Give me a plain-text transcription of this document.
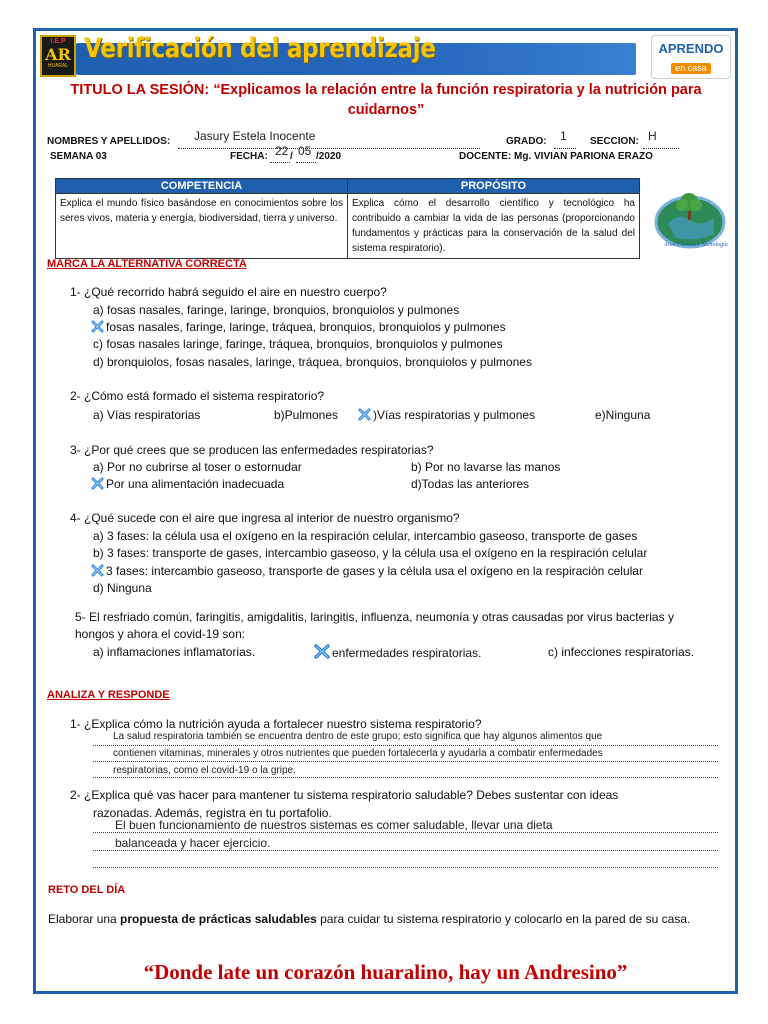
I.E.P
AR
HUARAL
Verificación del aprendizaje	APRENDO
en casa
TITULO LA SESIÓN: “Explicamos la relación entre la función respiratoria y la nutrición para cuidarnos”
NOMBRES Y APELLIDOS: Jasury Estela Inocente	GRADO: 1 SECCION: H
SEMANA 03	FECHA: 22 / 05 /2020	DOCENTE: Mg. VIVIAN PARIONA ERAZO
COMPETENCIA	PROPÓSITO
Explica el mundo físico basándose en conocimientos sobre los seres vivos, materia y energía, biodiversidad, tierra y universo.	Explica cómo el desarrollo científico y tecnológico ha contribuido a cambiar la vida de las personas (proporcionando fundamentos y prácticas para la conservación de la salud del sistema respiratorio).	Área Ciencia y Tecnología
MARCA LA ALTERNATIVA CORRECTA
1- ¿Qué recorrido habrá seguido el aire en nuestro cuerpo?
a) fosas nasales, faringe, laringe, bronquios, bronquiolos y pulmones
fosas nasales, faringe, laringe, tráquea, bronquios, bronquiolos y pulmones
c) fosas nasales laringe, faringe, tráquea, bronquios, bronquiolos y pulmones
d) bronquiolos, fosas nasales, laringe, tráquea, bronquios, bronquiolos y pulmones
2- ¿Cómo está formado el sistema respiratorio?
a) Vías respiratorias	b)Pulmones	)Vías respiratorias y pulmones	e)Ninguna
3- ¿Por qué crees que se producen las enfermedades respiratorias?
a) Por no cubrirse al toser o estornudar	b) Por no lavarse las manos
Por una alimentación inadecuada	d)Todas las anteriores
4- ¿Qué sucede con el aire que ingresa al interior de nuestro organismo?
a) 3 fases: la célula usa el oxígeno en la respiración celular, intercambio gaseoso, transporte de gases
b) 3 fases: transporte de gases, intercambio gaseoso, y la célula usa el oxígeno en la respiración celular
3 fases: intercambio gaseoso, transporte de gases y la célula usa el oxígeno en la respiración celular
d) Ninguna
5- El resfriado común, faringitis, amigdalitis, laringitis, influenza, neumonía y otras causadas por virus bacterias y
hongos y ahora el covid-19 son:
a) inflamaciones inflamatorias.	enfermedades respiratorias.	c) infecciones respiratorias.
ANALIZA Y RESPONDE
1- ¿Explica cómo la nutrición ayuda a fortalecer nuestro sistema respiratorio?
La salud respiratoria también se encuentra dentro de este grupo; esto significa que hay algunos alimentos que
contienen vitaminas, minerales y otros nutrientes que pueden fortalecerla y ayudarla a combatir enfermedades
respiratorias, como el covid-19 o la gripe.
2- ¿Explica qué vas hacer para mantener tu sistema respiratorio saludable? Debes sustentar con ideas
razonadas. Además, registra en tu portafolio.
El buen funcionamiento de nuestros sistemas es comer saludable, llevar una dieta
balanceada y hacer ejercicio.
RETO DEL DÍA
Elaborar una propuesta de prácticas saludables para cuidar tu sistema respiratorio y colocarlo en la pared de su casa.
“Donde late un corazón huaralino, hay un Andresino”
